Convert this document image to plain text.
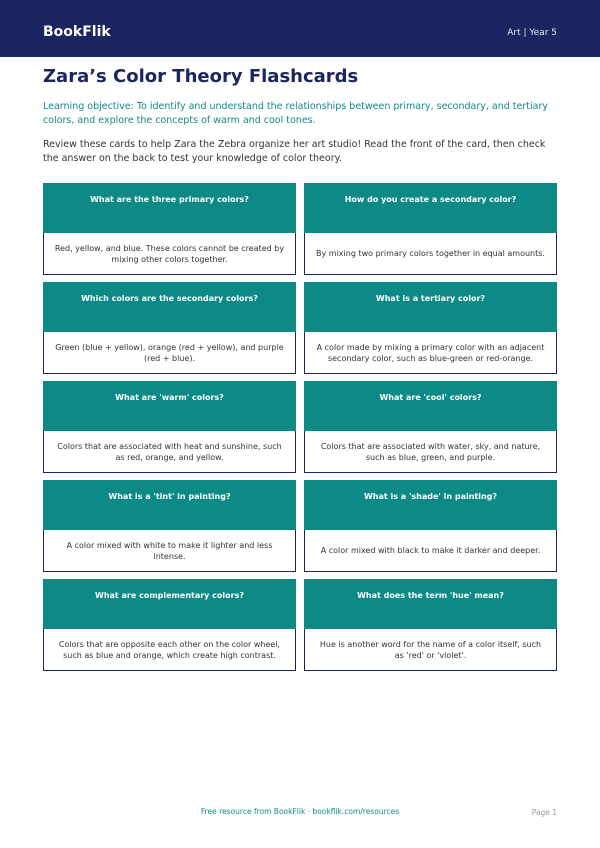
BookFlik	Art | Year 5
Zara’s Color Theory Flashcards
Learning objective: To identify and understand the relationships between primary, secondary, and tertiary colors, and explore the concepts of warm and cool tones.
Review these cards to help Zara the Zebra organize her art studio! Read the front of the card, then check the answer on the back to test your knowledge of color theory.
What are the three primary colors?
Red, yellow, and blue. These colors cannot be created by mixing other colors together.
How do you create a secondary color?
By mixing two primary colors together in equal amounts.
Which colors are the secondary colors?
Green (blue + yellow), orange (red + yellow), and purple (red + blue).
What is a tertiary color?
A color made by mixing a primary color with an adjacent secondary color, such as blue-green or red-orange.
What are 'warm' colors?
Colors that are associated with heat and sunshine, such as red, orange, and yellow.
What are 'cool' colors?
Colors that are associated with water, sky, and nature, such as blue, green, and purple.
What is a 'tint' in painting?
A color mixed with white to make it lighter and less intense.
What is a 'shade' in painting?
A color mixed with black to make it darker and deeper.
What are complementary colors?
Colors that are opposite each other on the color wheel, such as blue and orange, which create high contrast.
What does the term 'hue' mean?
Hue is another word for the name of a color itself, such as 'red' or 'violet'.
Free resource from BookFlik · bookflik.com/resources	Page 1
